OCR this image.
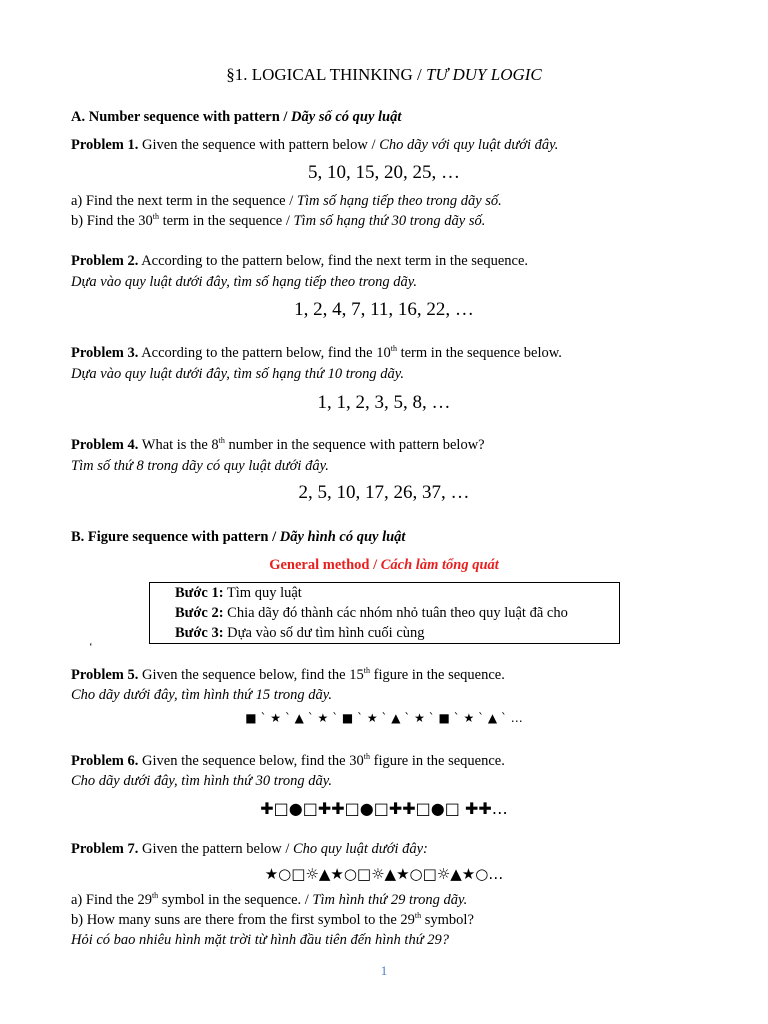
§1. LOGICAL THINKING / TƯ DUY LOGIC
A. Number sequence with pattern / Dãy số có quy luật
Problem 1. Given the sequence with pattern below / Cho dãy với quy luật dưới đây.
5, 10, 15, 20, 25, …
a) Find the next term in the sequence / Tìm số hạng tiếp theo trong dãy số.
b) Find the 30th term in the sequence / Tìm số hạng thứ 30 trong dãy số.
Problem 2. According to the pattern below, find the next term in the sequence.
Dựa vào quy luật dưới đây, tìm số hạng tiếp theo trong dãy.
1, 2, 4, 7, 11, 16, 22, …
Problem 3. According to the pattern below, find the 10th term in the sequence below.
Dựa vào quy luật dưới đây, tìm số hạng thứ 10 trong dãy.
1, 1, 2, 3, 5, 8, …
Problem 4. What is the 8th number in the sequence with pattern below?
Tìm số thứ 8 trong dãy có quy luật dưới đây.
2, 5, 10, 17, 26, 37, …
B. Figure sequence with pattern / Dãy hình có quy luật
General method / Cách làm tổng quát
Bước 1: Tìm quy luật
Bước 2: Chia dãy đó thành các nhóm nhỏ tuân theo quy luật đã cho
Bước 3: Dựa vào số dư tìm hình cuối cùng
‘
Problem 5. Given the sequence below, find the 15th figure in the sequence.
Cho dãy dưới đây, tìm hình thứ 15 trong dãy.
■ ` ★ ` ▲ ` ★ ` ■ ` ★ ` ▲ ` ★ ` ■ ` ★ ` ▲ ` …
Problem 6. Given the sequence below, find the 30th figure in the sequence.
Cho dãy dưới đây, tìm hình thứ 30 trong dãy.
✚□●□✚✚□●□✚✚□●□ ✚✚…
Problem 7. Given the pattern below / Cho quy luật dưới đây:
★○□☼▲★○□☼▲★○□☼▲★○…
a) Find the 29th symbol in the sequence. / Tìm hình thứ 29 trong dãy.
b) How many suns are there from the first symbol to the 29th symbol?
Hỏi có bao nhiêu hình mặt trời từ hình đầu tiên đến hình thứ 29?
1
